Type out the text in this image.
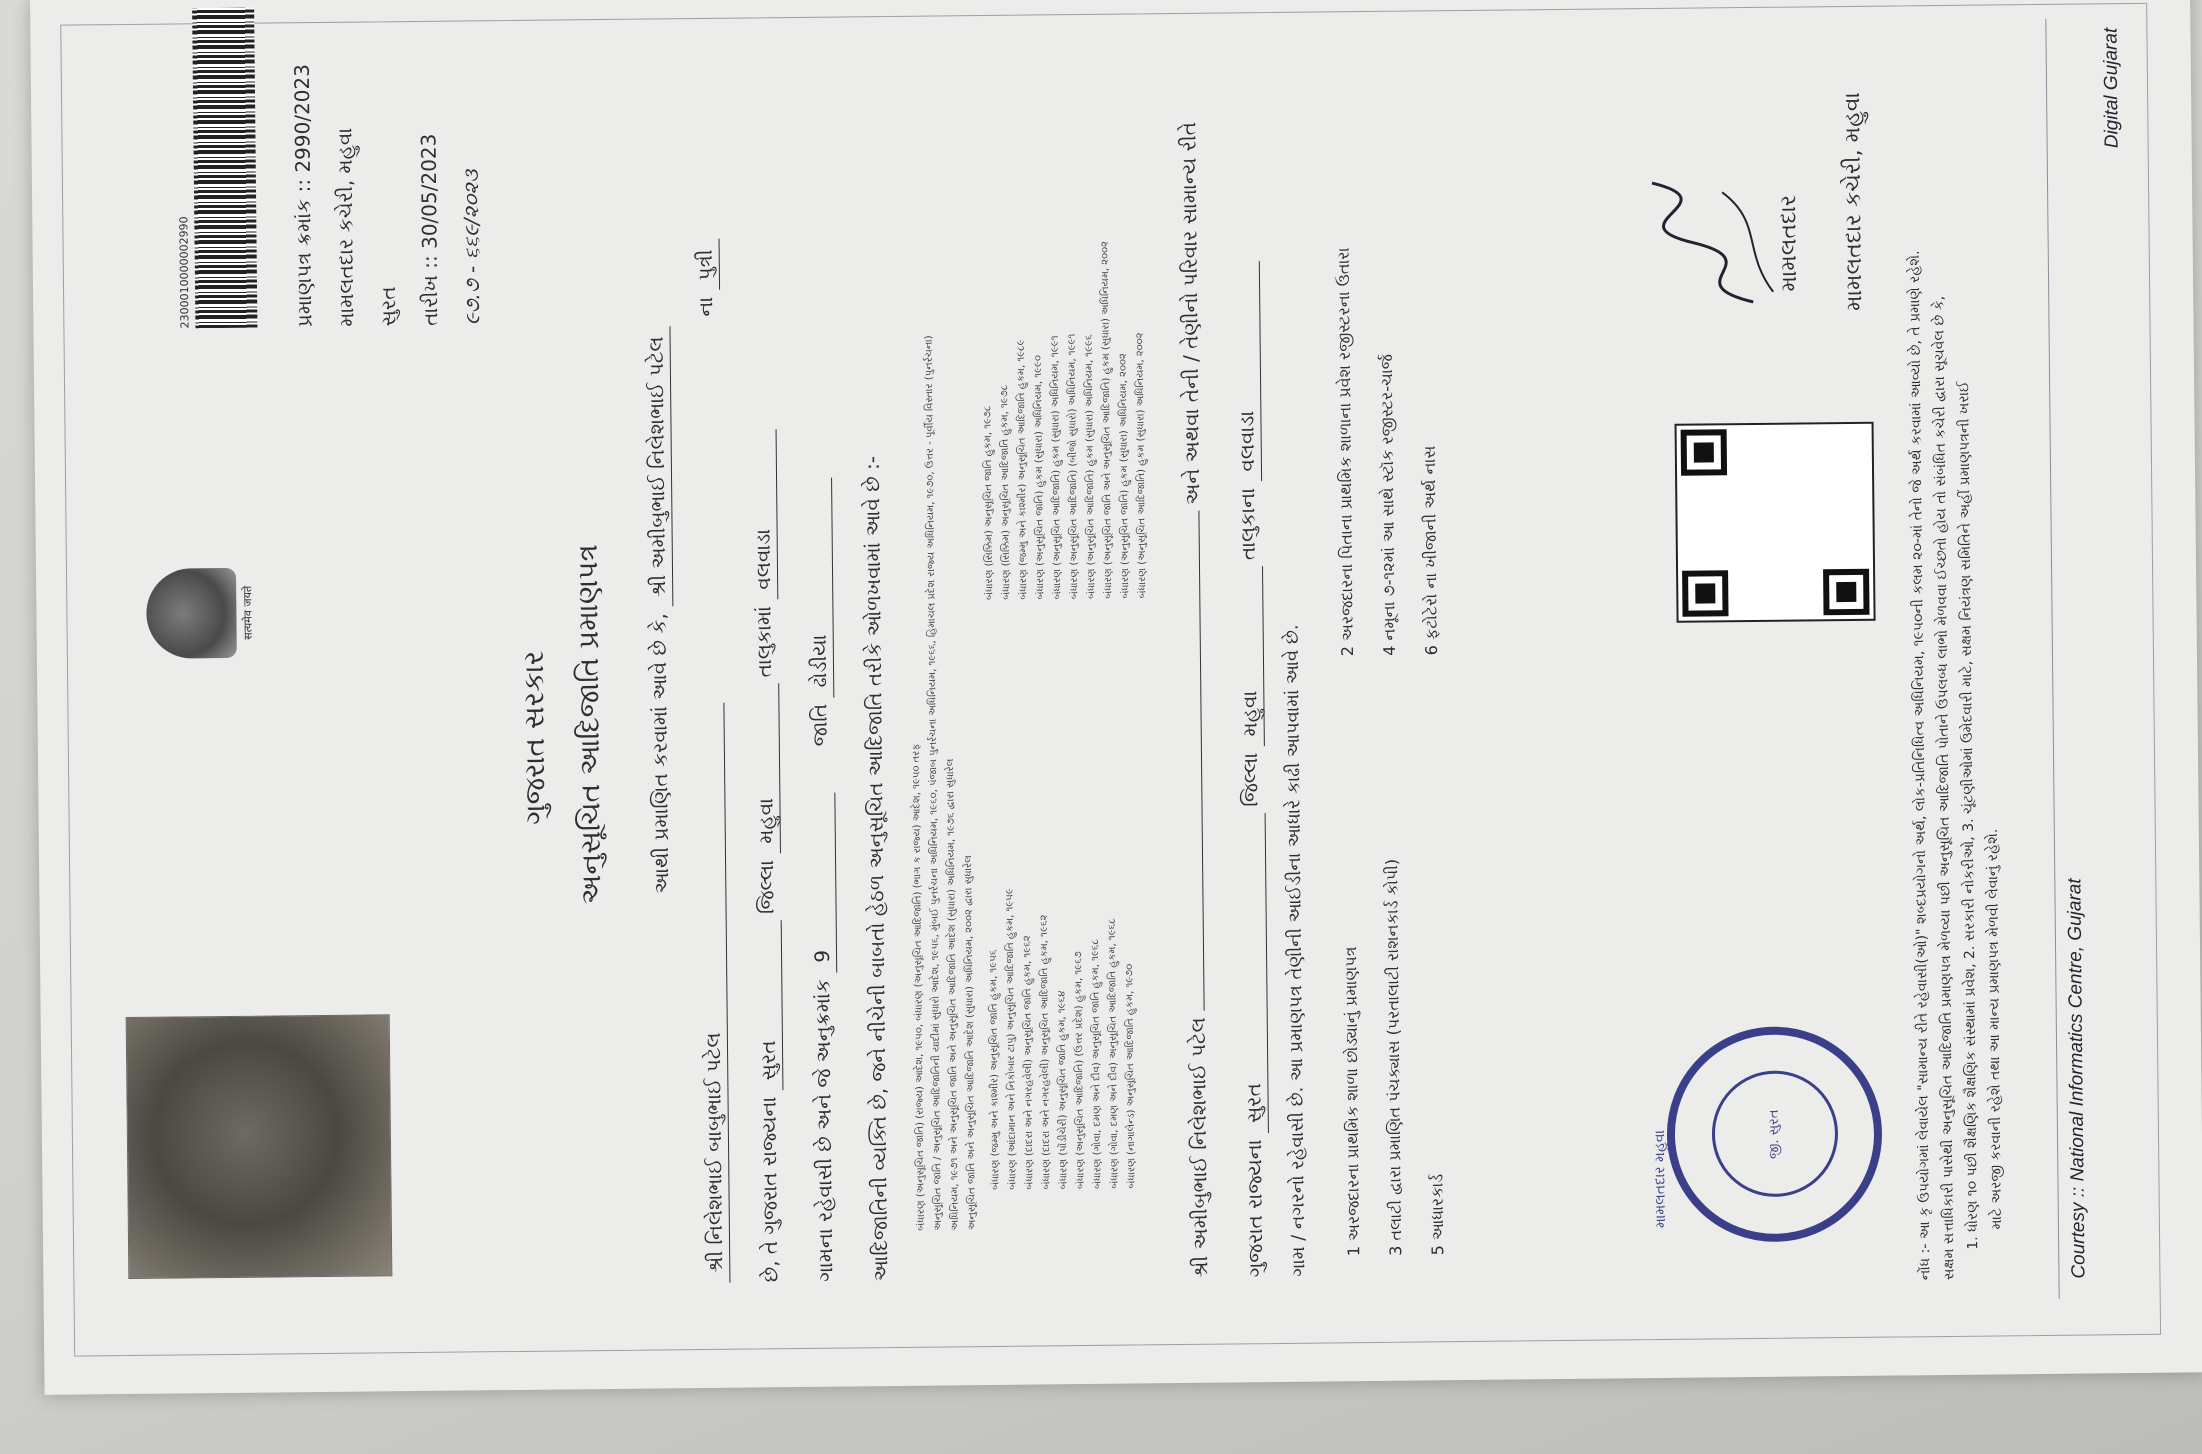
सत्यमेव जयते
2300010000002990	પ્રમાણપત્ર ક્રમાંક :: 2990/2023
મામલતદાર કચેરી, મહુવા સુરત તારીખ :: 30/05/2023 ૯૭.૭ - ૬૬૯/૨૦૨૩
ગુજરાત સરકાર અનુસૂચિત આદિજાતિ પ્રમાણપત્ર આથી પ્રમાણિત કરવામાં આવે છે કે, શ્રી અમીબુભાઈ નિલેશભાઈ પટેલ
શ્રી નિલેશભાઈ બાબુભાઈ પટેલ ના પુત્રી
છે, તે ગુજરાત રાજ્યના સુરત જિલ્લા મહુવા તાલુકામાં વલવાડા
ગામના રહેવાસી છે અને જે અનુક્રમાંક 9 જાતિ ઢોડીયા	આદિજાતિની વ્યક્તિ છે, જને નીચેની બાબતો હેઠળ અનુસૂચિત આદિજાતિ તરીકે ઓળખવામાં આવે છે :-	બંધારણ (અનુસૂચિત જાતિ) (રાજ્ય) આદેશ, ૧૯૫૦, બંધારણ (અનુસૂચિત આદિજાતિ) (ભાગ ક રાજ્ય) આદેશ, ૧૯૫૦ તરફ
અનુસૂચિત જાતિ / અનુસૂચિત આદિજાતિની યાદીમાં સુધારો આદેશ, ૧૯૫૬, મુંબઈ પુનર્રચના અધિનિયમ, ૧૯૬૦, પંજાબ પુનર્રચના અધિનિયમ, ૧૯૬૬, હિમાચલ પ્રદેશ રાજ્ય અધિનિયમ, ૧૯૭૦, ઉત્તર - પૂર્વીય વિસ્તાર (પુનર્રચના) અધિનિયમ, ૧૯૭૧ અને અનુસૂચિત જાતિ અને અનુસૂચિત આદિજાતિ આદેશ (સુધારા) અધિનિયમ, ૧૯૭૬ દ્વારા સુધારેલ અનુસૂચિત જાતિ અને અનુસૂચિત આદિજાતિ આદેશ (સુધારા) અધિનિયમ, ૨૦૦૨ દ્વારા સુધારેલ	બંધારણ (જમ્મુ અને કાશ્મીર) અનુસૂચિત જાતિ હુકમ, ૧૯૫૬ બંધારણ (આંદામાન અને નિકોબાર ટાપુ) અનુસૂચિત આદિજાતિ હુકમ, ૧૯૫૯ બંધારણ (દાદરા અને નગરહવેલી) અનુસૂચિત જાતિ હુકમ, ૧૯૬૨ બંધારણ (દાદરા અને નગરહવેલી) અનુસૂચિત આદિજાતિ હુકમ, ૧૯૬૨ બંધારણ (પોંડીચેરી) અનુસૂચિત જાતિ હુકમ, ૧૯૬૪ બંધારણ (અનુસૂચિત આદિજાતિ) (ઉત્તર પ્રદેશ) હુકમ, ૧૯૬૭ બંધારણ (ગોવા, દમણ અને દીવ) અનુસૂચિત જાતિ હુકમ, ૧૯૬૮ બંધારણ (ગોવા, દમણ અને દીવ) અનુસૂચિત આદિજાતિ હુકમ, ૧૯૬૮ બંધારણ (નાગાલેન્ડ) અનુસૂચિત આદિજાતિ હુકમ, ૧૯૭૦
બંધારણ (સિક્કિમ) અનુસૂચિત જાતિ હુકમ, ૧૯૭૮ બંધારણ (સિક્કિમ) અનુસૂચિત આદિજાતિ હુકમ, ૧૯૭૮ બંધારણ (જમ્મુ અને કાશ્મીર) અનુસૂચિત આદિજાતિ હુકમ, ૧૯૮૯ બંધારણ (અનુસૂચિત જાતિ) હુકમ (સુધારા) અધિનિયમ, ૧૯૯૦ બંધારણ (અનુસૂચિત આદિજાતિ) હુકમ (સુધારા) અધિનિયમ, ૧૯૯૧ બંધારણ (અનુસૂચિત આદિજાતિ) (બીજો સુધારો) અધિનિયમ, ૧૯૯૧ બંધારણ (અનુસૂચિત આદિજાતિ) હુકમ (સુધારા) અધિનિયમ, ૧૯૯૬ બંધારણ (અનુસૂચિત જાતિ અને અનુસૂચિત આદિજાતિ) હુકમ (સુધારા) અધિનિયમ, ૨૦૦૨ બંધારણ (અનુસૂચિત જાતિ) હુકમ (સુધારા) અધિનિયમ, ૨૦૦૨ બંધારણ (અનુસૂચિત આદિજાતિ) હુકમ (સુધારા) અધિનિયમ, ૨૦૦૨
શ્રી અમીબુભાઈ નિલેશભાઈ પટેલ  અને અથવા તેની / તેણીનો પરિવાર સામાન્ય રીતે
ગુજરાત રાજ્યના સુરત જિલ્લા મહુવા તાલુકાના વલવાડા
ગામ / નગરનો રહેવાસી છે. આ પ્રમાણપત્ર તેણીની આઈડીના આધારે કાઢી આપવામાં આવે છે.	1 અરજદારના પ્રાથમિક શાળા છોડ્યાનું પ્રમાણપત્ર
2 અરજદારના પિતાના પ્રાથમિક શાળાના પ્રવેશ રજીસ્ટરના ઉતારા
3 તલાટી દ્વારા પ્રમાણિત પંચક્યાસ (પરતાલાટી રાશનકાર્ડ કોપી)
4 નમૂના ૭-૧૨માં આ સાથે સ્ટૉક રજીસ્ટર-ચાર્જ
5 આધારકાર્ડ
6 ફટોટેરો ના ખીજાની અર્થ નાસ
જી. સુરત
મામલતદાર મહુવા
મામલતદાર મામલતદાર કચેરી, મહુવા
નોંધ :- આ કૃ ઉપયોગમાં લેવાયેલ "સામાન્ય રીતે રહેવાસી(ઓ)" શબ્દપ્રયોગનો અર્થ, લોક-પ્રતિનિધિત્વ અધિનિયમ, ૧૯૫૦ની કલમ ૨૦-માં તેનો જે અર્થ કરવામાં આવ્યો છે, તે પ્રમાણે રહેશે.
સક્ષમ સત્તાધિકારી પાસેથી અનુસૂચિત આદિજાતિ પ્રમાણપત્ર મેળવ્યા પછી અનુસૂચિત આદિજાતિ પોતાને ઉપલબ્ધ લાભો મેળવવા ઈચ્છતો હોય તો સંબંધિત કચેરી દ્વારા સૂચવેલ છે કે,
1. ધોરણ ૧૦ પછી શૈક્ષણિક શૈક્ષણિક સંસ્થામાં પ્રવેશ, 2. સરકારી નોકરીઓ, 3. ચૂંટણીઓમાં ઉમેદવારી માટે, સક્ષમ નિયંત્રણ સમિતિને અહીં પ્રમાણપત્રની ખરાઈ માટે અરજી કરવાની રહેશે તથા આ માન્ય પ્રમાણપત્ર મેળવી લેવાનું રહેશે.	Courtesy :: National Informatics Centre, Gujarat
Digital Gujarat
